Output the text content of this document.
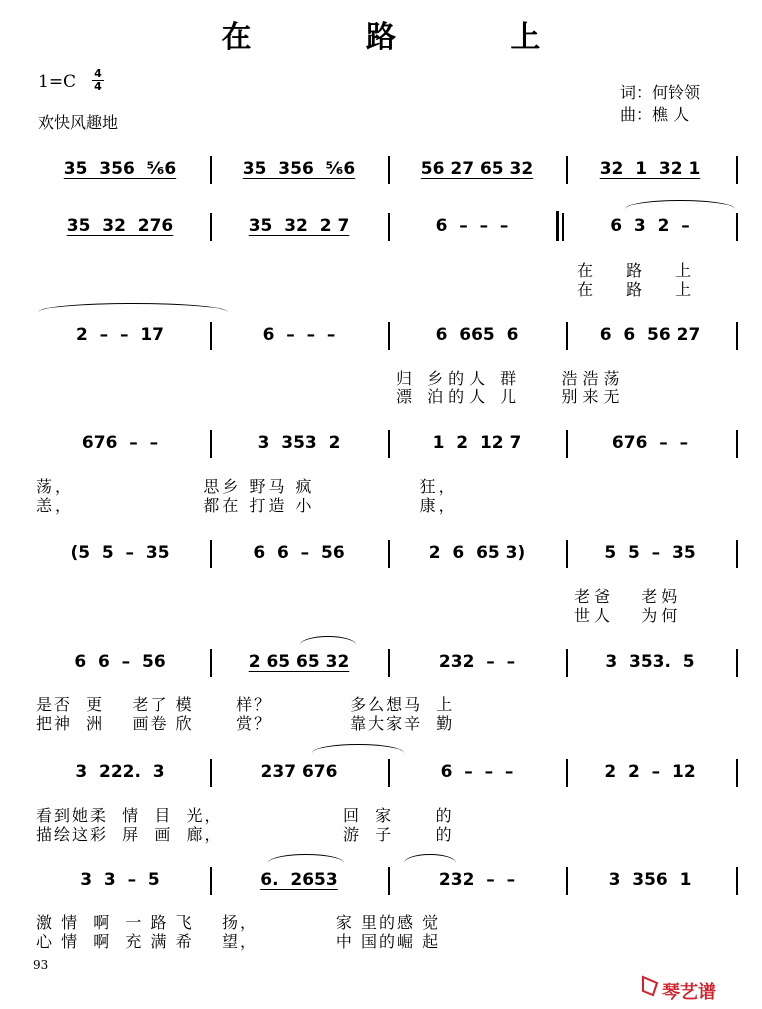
在 路 上
1=C 4
4
欢快风趣地
词：何铃领
曲：樵 人
35  356  ⁵⁄₆6	35  356  ⁵⁄₆6	56 27 65 32	32  1  32 1
35  32  276	35  32  2 7	6  –  –  –	6  3  2  –
在 路 上
在 路 上
2  –  –  17	6  –  –  –	6  665  6	6  6  56 27
归 乡的人 群    浩浩荡
漂 泊的人 儿    别来无
676  –  –	3  353  2	1  2  12 7	676  –  –
荡，                思乡 野马 疯             狂，
恙，                都在 打造 小             康，
(5  5  –  35	6  6  –  56	2  6  65 3)	5  5  –  35
老爸   老妈
世人   为何
6  6  –  56	2 65 65 32	232  –  –	3  353.  5
是否  更    老了 模      样？           多么想马  上
把神  洲    画卷 欣      赏？           靠大家辛  勤
3  222.  3	237 676	6  –  –  –	2  2  –  12
看到她柔  情  目  光，                 回  家      的
描绘这彩  屏  画  廊，                 游  子      的
3  3  –  5	6.  2653	232  –  –	3  356  1
激 情  啊  一 路 飞    扬，           家 里的感 觉
心 情  啊  充 满 希    望，           中 国的崛 起
93
琴艺谱
